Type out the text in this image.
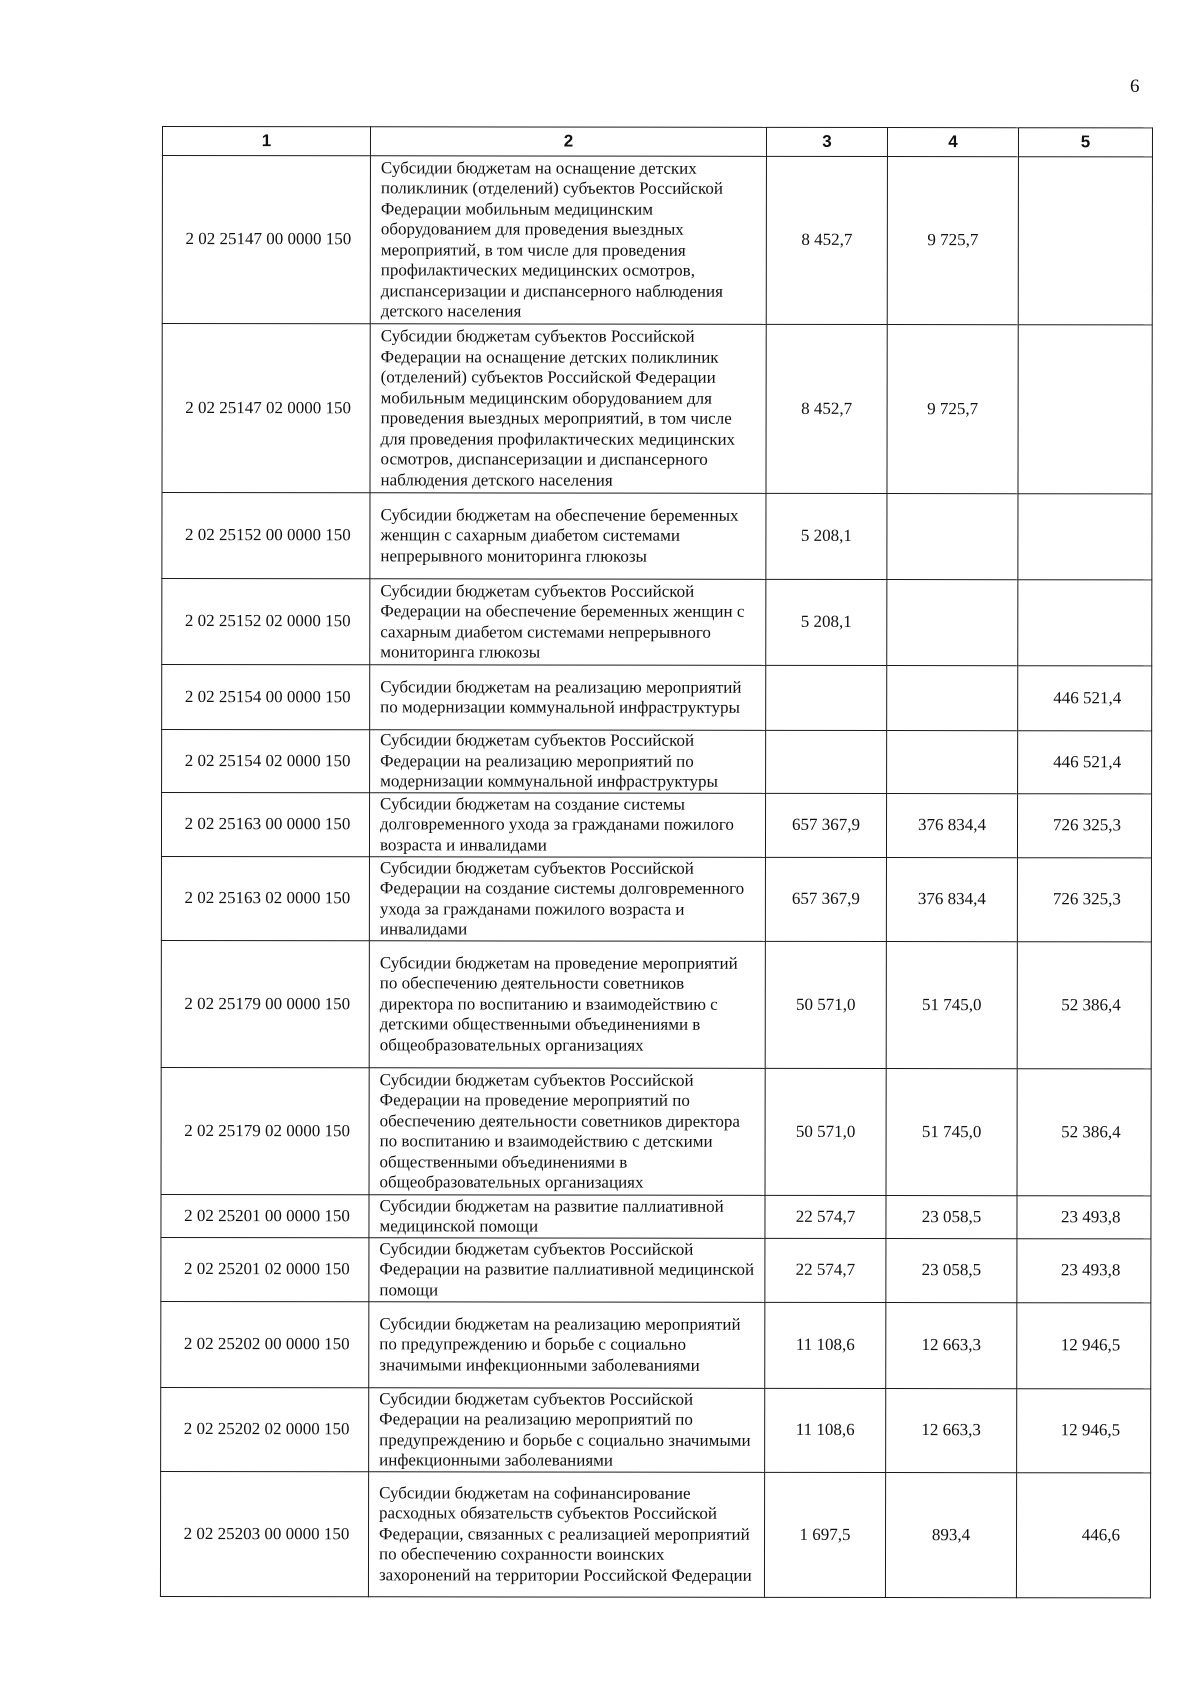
6
1	2	3	4	5
2 02 25147 00 0000 150	Субсидии бюджетам на оснащение детских поликлиник (отделений) субъектов Российской Федерации мобильным медицинским оборудованием для проведения выездных мероприятий, в том числе для проведения профилактических медицинских осмотров, диспансеризации и диспансерного наблюдения детского населения	8 452,7	9 725,7	
2 02 25147 02 0000 150	Субсидии бюджетам субъектов Российской Федерации на оснащение детских поликлиник (отделений) субъектов Российской Федерации мобильным медицинским оборудованием для проведения выездных мероприятий, в том числе для проведения профилактических медицинских осмотров, диспансеризации и диспансерного наблюдения детского населения	8 452,7	9 725,7	
2 02 25152 00 0000 150	Субсидии бюджетам на обеспечение беременных женщин с сахарным диабетом системами непрерывного мониторинга глюкозы	5 208,1		
2 02 25152 02 0000 150	Субсидии бюджетам субъектов Российской Федерации на обеспечение беременных женщин с сахарным диабетом системами непрерывного мониторинга глюкозы	5 208,1		
2 02 25154 00 0000 150	Субсидии бюджетам на реализацию мероприятий по модернизации коммунальной инфраструктуры			446 521,4
2 02 25154 02 0000 150	Субсидии бюджетам субъектов Российской Федерации на реализацию мероприятий по модернизации коммунальной инфраструктуры			446 521,4
2 02 25163 00 0000 150	Субсидии бюджетам на создание системы долговременного ухода за гражданами пожилого возраста и инвалидами	657 367,9	376 834,4	726 325,3
2 02 25163 02 0000 150	Субсидии бюджетам субъектов Российской Федерации на создание системы долговременного ухода за гражданами пожилого возраста и инвалидами	657 367,9	376 834,4	726 325,3
2 02 25179 00 0000 150	Субсидии бюджетам на проведение мероприятий по обеспечению деятельности советников директора по воспитанию и взаимодействию с детскими общественными объединениями в общеобразовательных организациях	50 571,0	51 745,0	52 386,4
2 02 25179 02 0000 150	Субсидии бюджетам субъектов Российской Федерации на проведение мероприятий по обеспечению деятельности советников директора по воспитанию и взаимодействию с детскими общественными объединениями в общеобразовательных организациях	50 571,0	51 745,0	52 386,4
2 02 25201 00 0000 150	Субсидии бюджетам на развитие паллиативной медицинской помощи	22 574,7	23 058,5	23 493,8
2 02 25201 02 0000 150	Субсидии бюджетам субъектов Российской Федерации на развитие паллиативной медицинской помощи	22 574,7	23 058,5	23 493,8
2 02 25202 00 0000 150	Субсидии бюджетам на реализацию мероприятий по предупреждению и борьбе с социально значимыми инфекционными заболеваниями	11 108,6	12 663,3	12 946,5
2 02 25202 02 0000 150	Субсидии бюджетам субъектов Российской Федерации на реализацию мероприятий по предупреждению и борьбе с социально значимыми инфекционными заболеваниями	11 108,6	12 663,3	12 946,5
2 02 25203 00 0000 150	Субсидии бюджетам на софинансирование расходных обязательств субъектов Российской Федерации, связанных с реализацией мероприятий по обеспечению сохранности воинских захоронений на территории Российской Федерации	1 697,5	893,4	446,6
